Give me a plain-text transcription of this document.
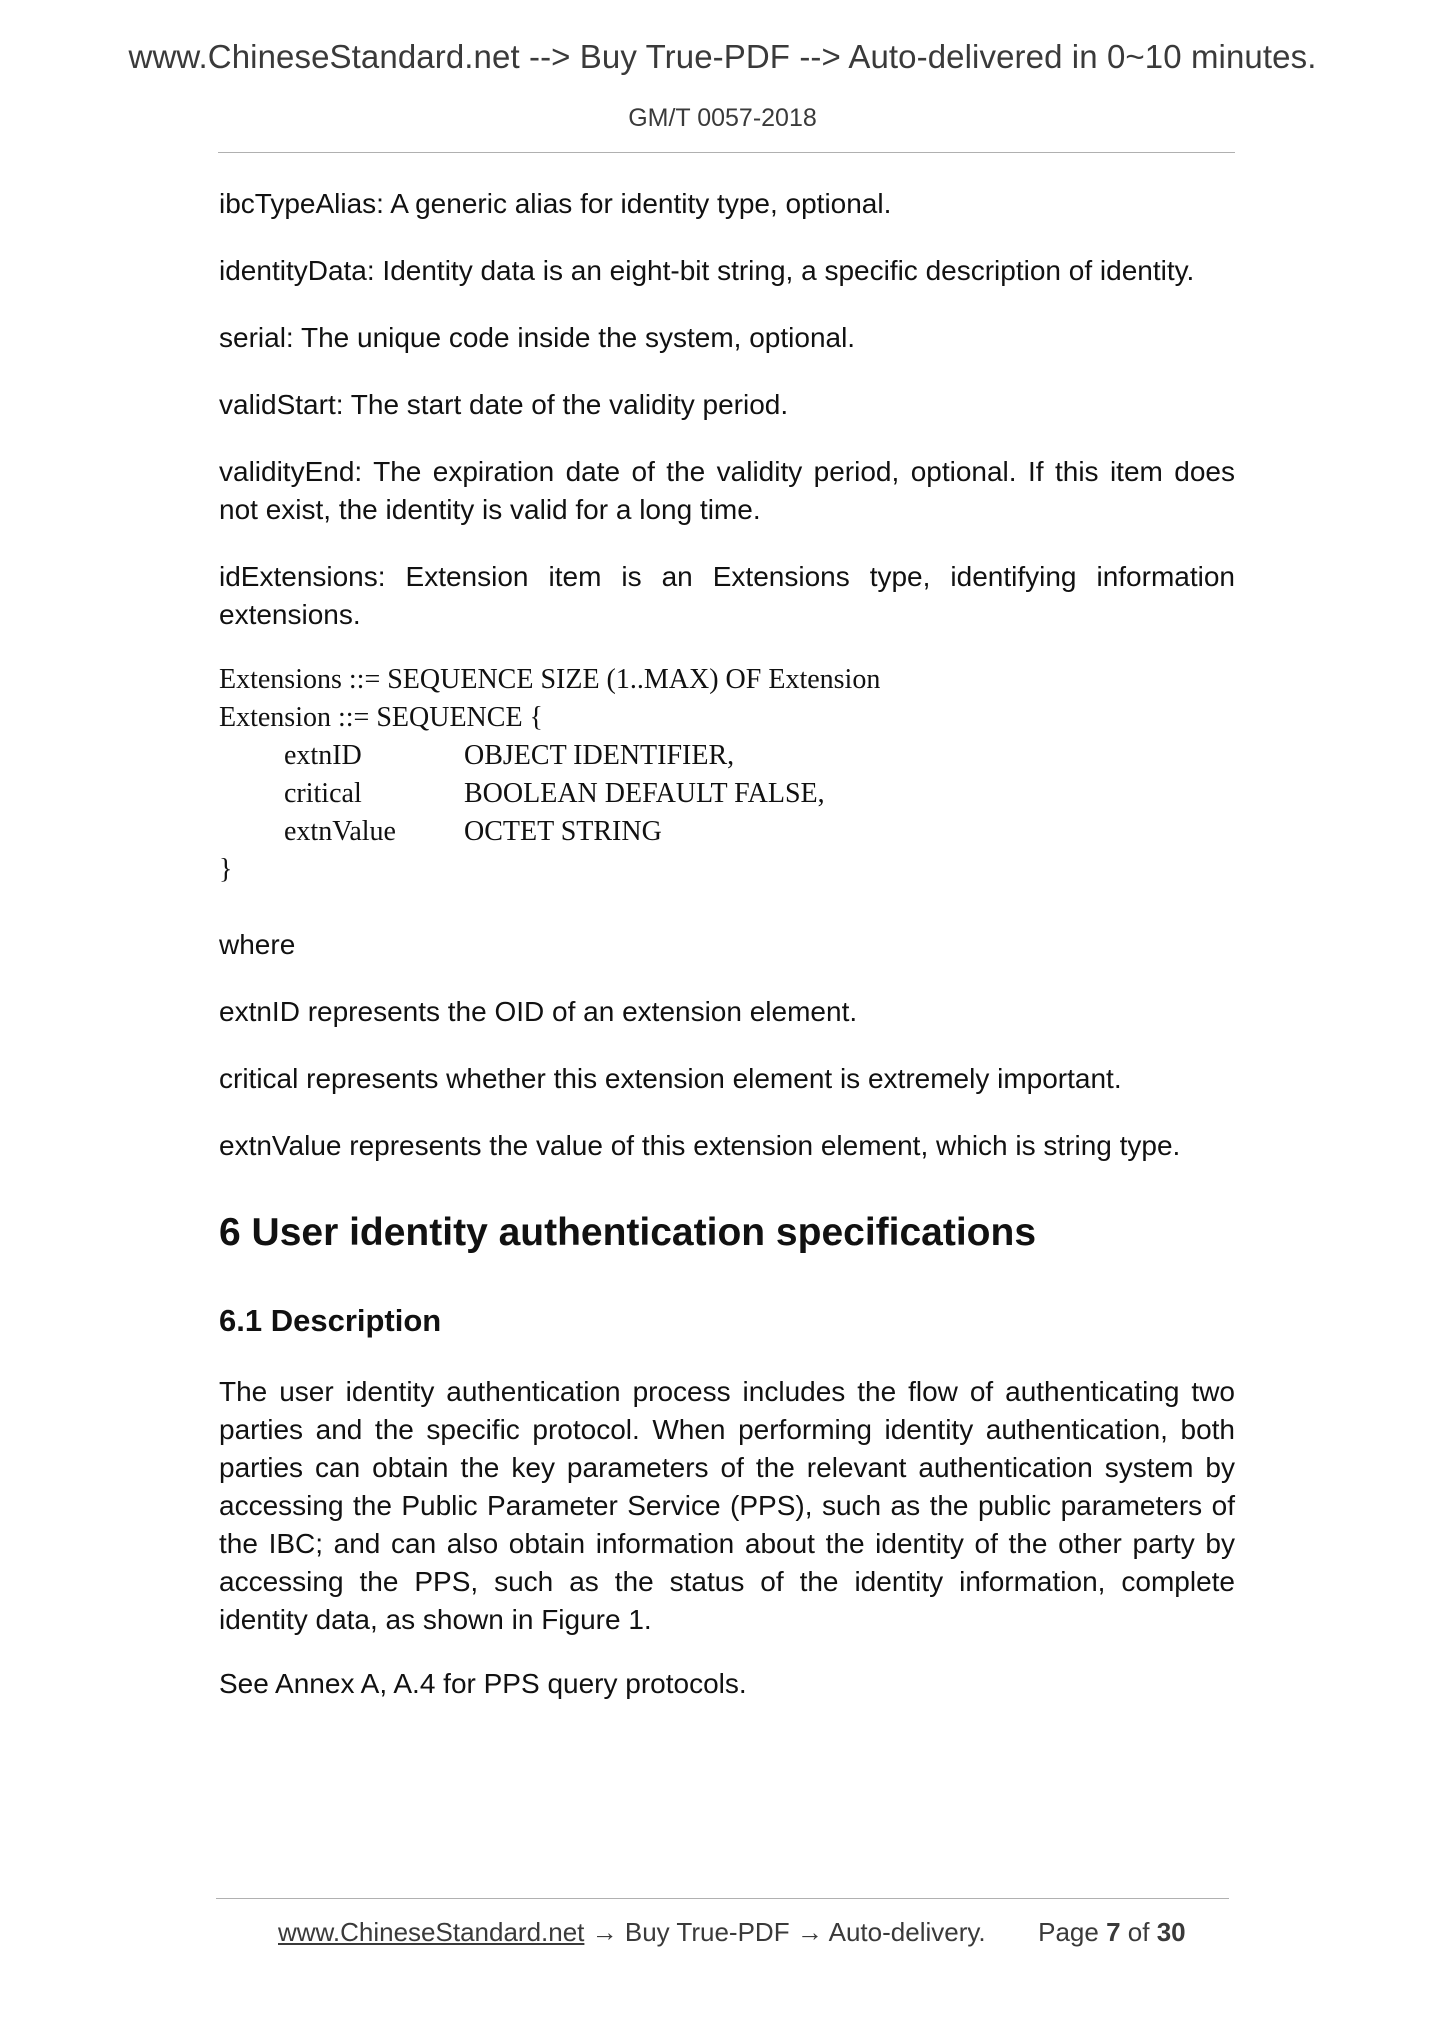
www.ChineseStandard.net --> Buy True-PDF --> Auto-delivered in 0~10 minutes.
GM/T 0057-2018
ibcTypeAlias: A generic alias for identity type, optional.
identityData: Identity data is an eight-bit string, a specific description of identity.
serial: The unique code inside the system, optional.
validStart: The start date of the validity period.
validityEnd: The expiration date of the validity period, optional. If this item does not exist, the identity is valid for a long time.
idExtensions: Extension item is an Extensions type, identifying information extensions.
Extensions ::= SEQUENCE SIZE (1..MAX) OF Extension
Extension ::= SEQUENCE {

extnID

	OBJECT IDENTIFIER,

critical

	BOOLEAN DEFAULT FALSE,

extnValue

OCTET STRING

}
where
extnID represents the OID of an extension element.
critical represents whether this extension element is extremely important.
extnValue represents the value of this extension element, which is string type.
6 User identity authentication specifications
6.1 Description
The user identity authentication process includes the flow of authenticating two parties and the specific protocol. When performing identity authentication, both parties can obtain the key parameters of the relevant authentication system by accessing the Public Parameter Service (PPS), such as the public parameters of the IBC; and can also obtain information about the identity of the other party by accessing the PPS, such as the status of the identity information, complete identity data, as shown in Figure 1.
See Annex A, A.4 for PPS query protocols.
www.ChineseStandard.net → Buy True-PDF → Auto-delivery. Page 7 of 30
